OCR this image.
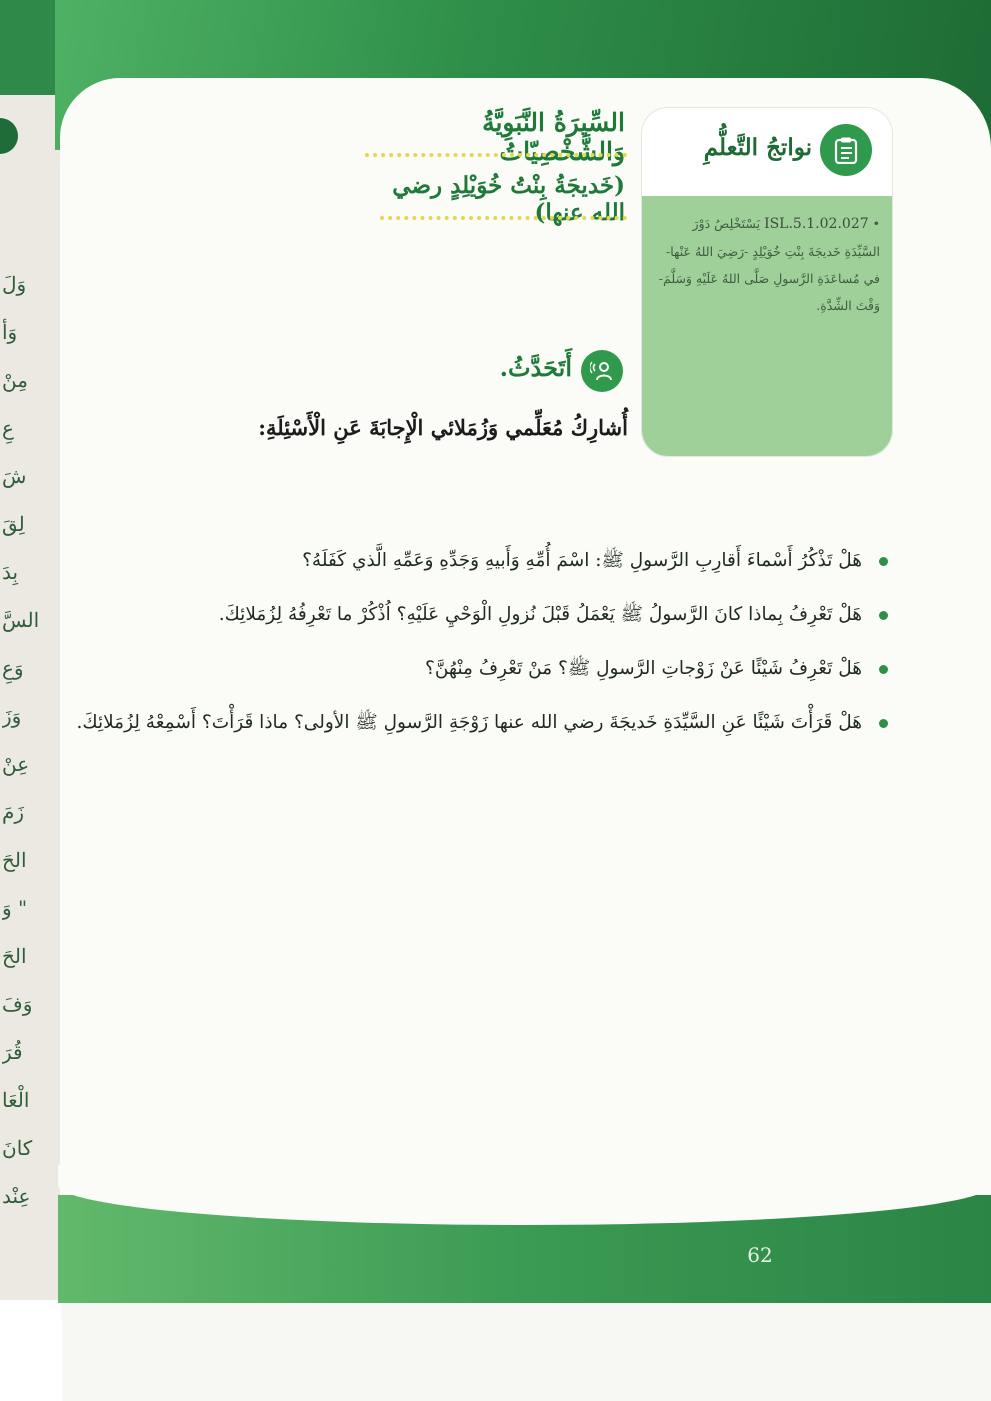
وَلَ
وَأ
مِنْ
عِ
شَ
لِقَ
بِدَ
السَّ
وَعِ
وَزَ
عِنْ
زَمَ
الحَ
" وَ
الحَ
وَفَ
قُرَ
الْعَا
كانَ
عِنْد
62
نواتجُ التَّعلُّمِ
• ISL.5.1.02.027 يَسْتَخْلِصُ دَوْرَ السَّيِّدَةِ خَديجَةَ بِنْتِ خُوَيْلِدٍ -رَضِيَ اللهُ عَنْها- في مُساعَدَةِ الرَّسولِ صَلَّى اللهُ عَلَيْهِ وَسَلَّمَ- وَقْتَ الشِّدَّةِ.
السِّيرَةُ النَّبَوِيَّةُ وَالشَّخْصِيّاتُ
(خَديجَةُ بِنْتُ خُوَيْلِدٍ رضي الله عنها)
أَتَحَدَّثُ.
أُشارِكُ مُعَلِّمي وَزُمَلائي الْإِجابَةَ عَنِ الْأَسْئِلَةِ:
هَلْ تَذْكُرُ أَسْماءَ أَقارِبِ الرَّسولِ ﷺ: اسْمَ أُمِّهِ وَأَبيهِ وَجَدِّهِ وَعَمِّهِ الَّذي كَفَلَهُ؟
هَلْ تَعْرِفُ بِماذا كانَ الرَّسولُ ﷺ يَعْمَلُ قَبْلَ نُزولِ الْوَحْيِ عَلَيْهِ؟ اُذْكُرْ ما تَعْرِفُهُ لِزُمَلائِكَ.
هَلْ تَعْرِفُ شَيْئًا عَنْ زَوْجاتِ الرَّسولِ ﷺ؟ مَنْ تَعْرِفُ مِنْهُنَّ؟
هَلْ قَرَأْتَ شَيْئًا عَنِ السَّيِّدَةِ خَديجَةَ رضي الله عنها زَوْجَةِ الرَّسولِ ﷺ الأولى؟ ماذا قَرَأْتَ؟ أَسْمِعْهُ لِزُمَلائِكَ.
